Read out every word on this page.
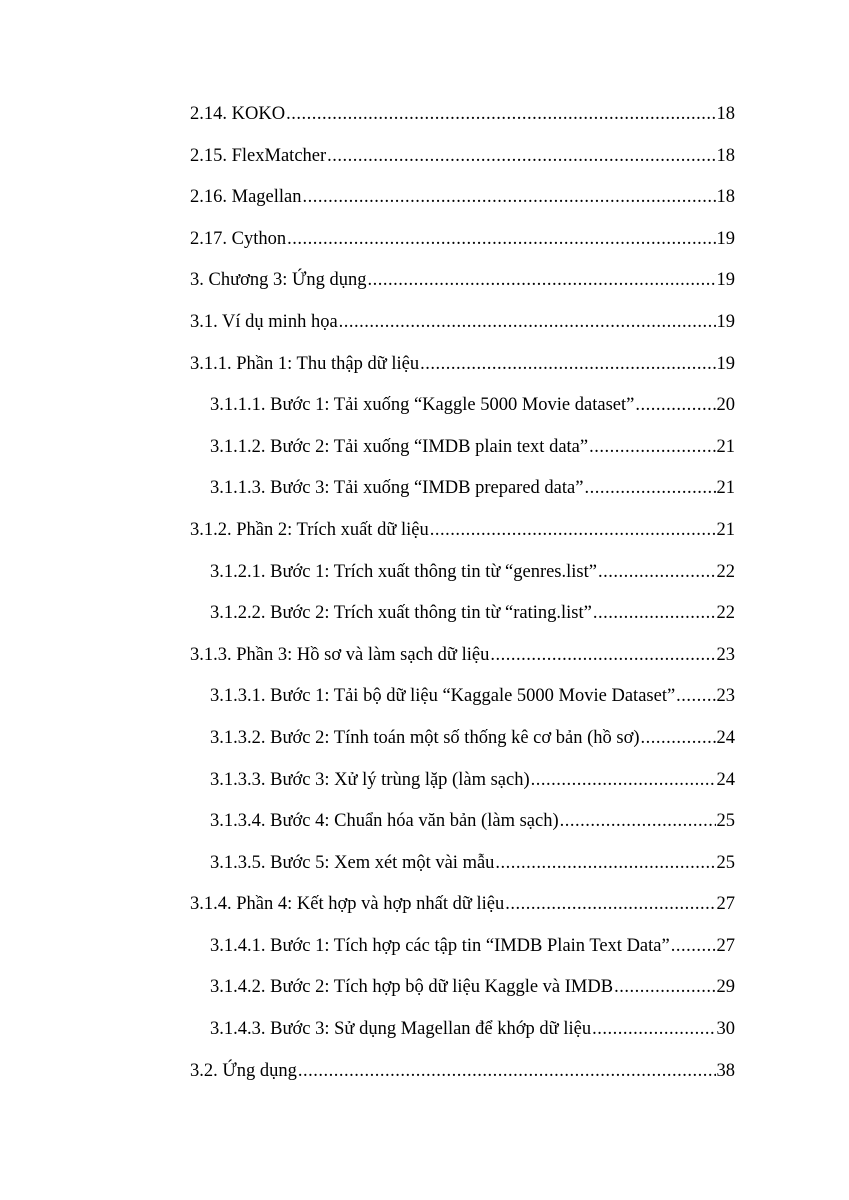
2.14. KOKO .....	18
2.15. FlexMatcher .....	18
2.16. Magellan .....	18
2.17. Cython .....	19
3. Chương 3: Ứng dụng .....	19
3.1. Ví dụ minh họa .....	19
3.1.1. Phần 1: Thu thập dữ liệu .....	19
3.1.1.1. Bước 1: Tải xuống “Kaggle 5000 Movie dataset” .....	20
3.1.1.2. Bước 2: Tải xuống “IMDB plain text data” .....	21
3.1.1.3. Bước 3: Tải xuống “IMDB prepared data” .....	21
3.1.2. Phần 2: Trích xuất dữ liệu .....	21
3.1.2.1. Bước 1: Trích xuất thông tin từ “genres.list” .....	22
3.1.2.2. Bước 2: Trích xuất thông tin từ “rating.list” .....	22
3.1.3. Phần 3: Hồ sơ và làm sạch dữ liệu .....	23
3.1.3.1. Bước 1: Tải bộ dữ liệu “Kaggale 5000 Movie Dataset” ..... 23
3.1.3.2. Bước 2: Tính toán một số thống kê cơ bản (hồ sơ) .....	24
3.1.3.3. Bước 3: Xử lý trùng lặp (làm sạch) .....	24
3.1.3.4. Bước 4: Chuẩn hóa văn bản (làm sạch) .....	25
3.1.3.5. Bước 5: Xem xét một vài mẫu .....	25
3.1.4. Phần 4: Kết hợp và hợp nhất dữ liệu .....	27
3.1.4.1. Bước 1: Tích hợp các tập tin “IMDB Plain Text Data” .....	27
3.1.4.2. Bước 2: Tích hợp bộ dữ liệu Kaggle và IMDB .....	29
3.1.4.3. Bước 3: Sử dụng Magellan để khớp dữ liệu .....	30
3.2. Ứng dụng .....	38
